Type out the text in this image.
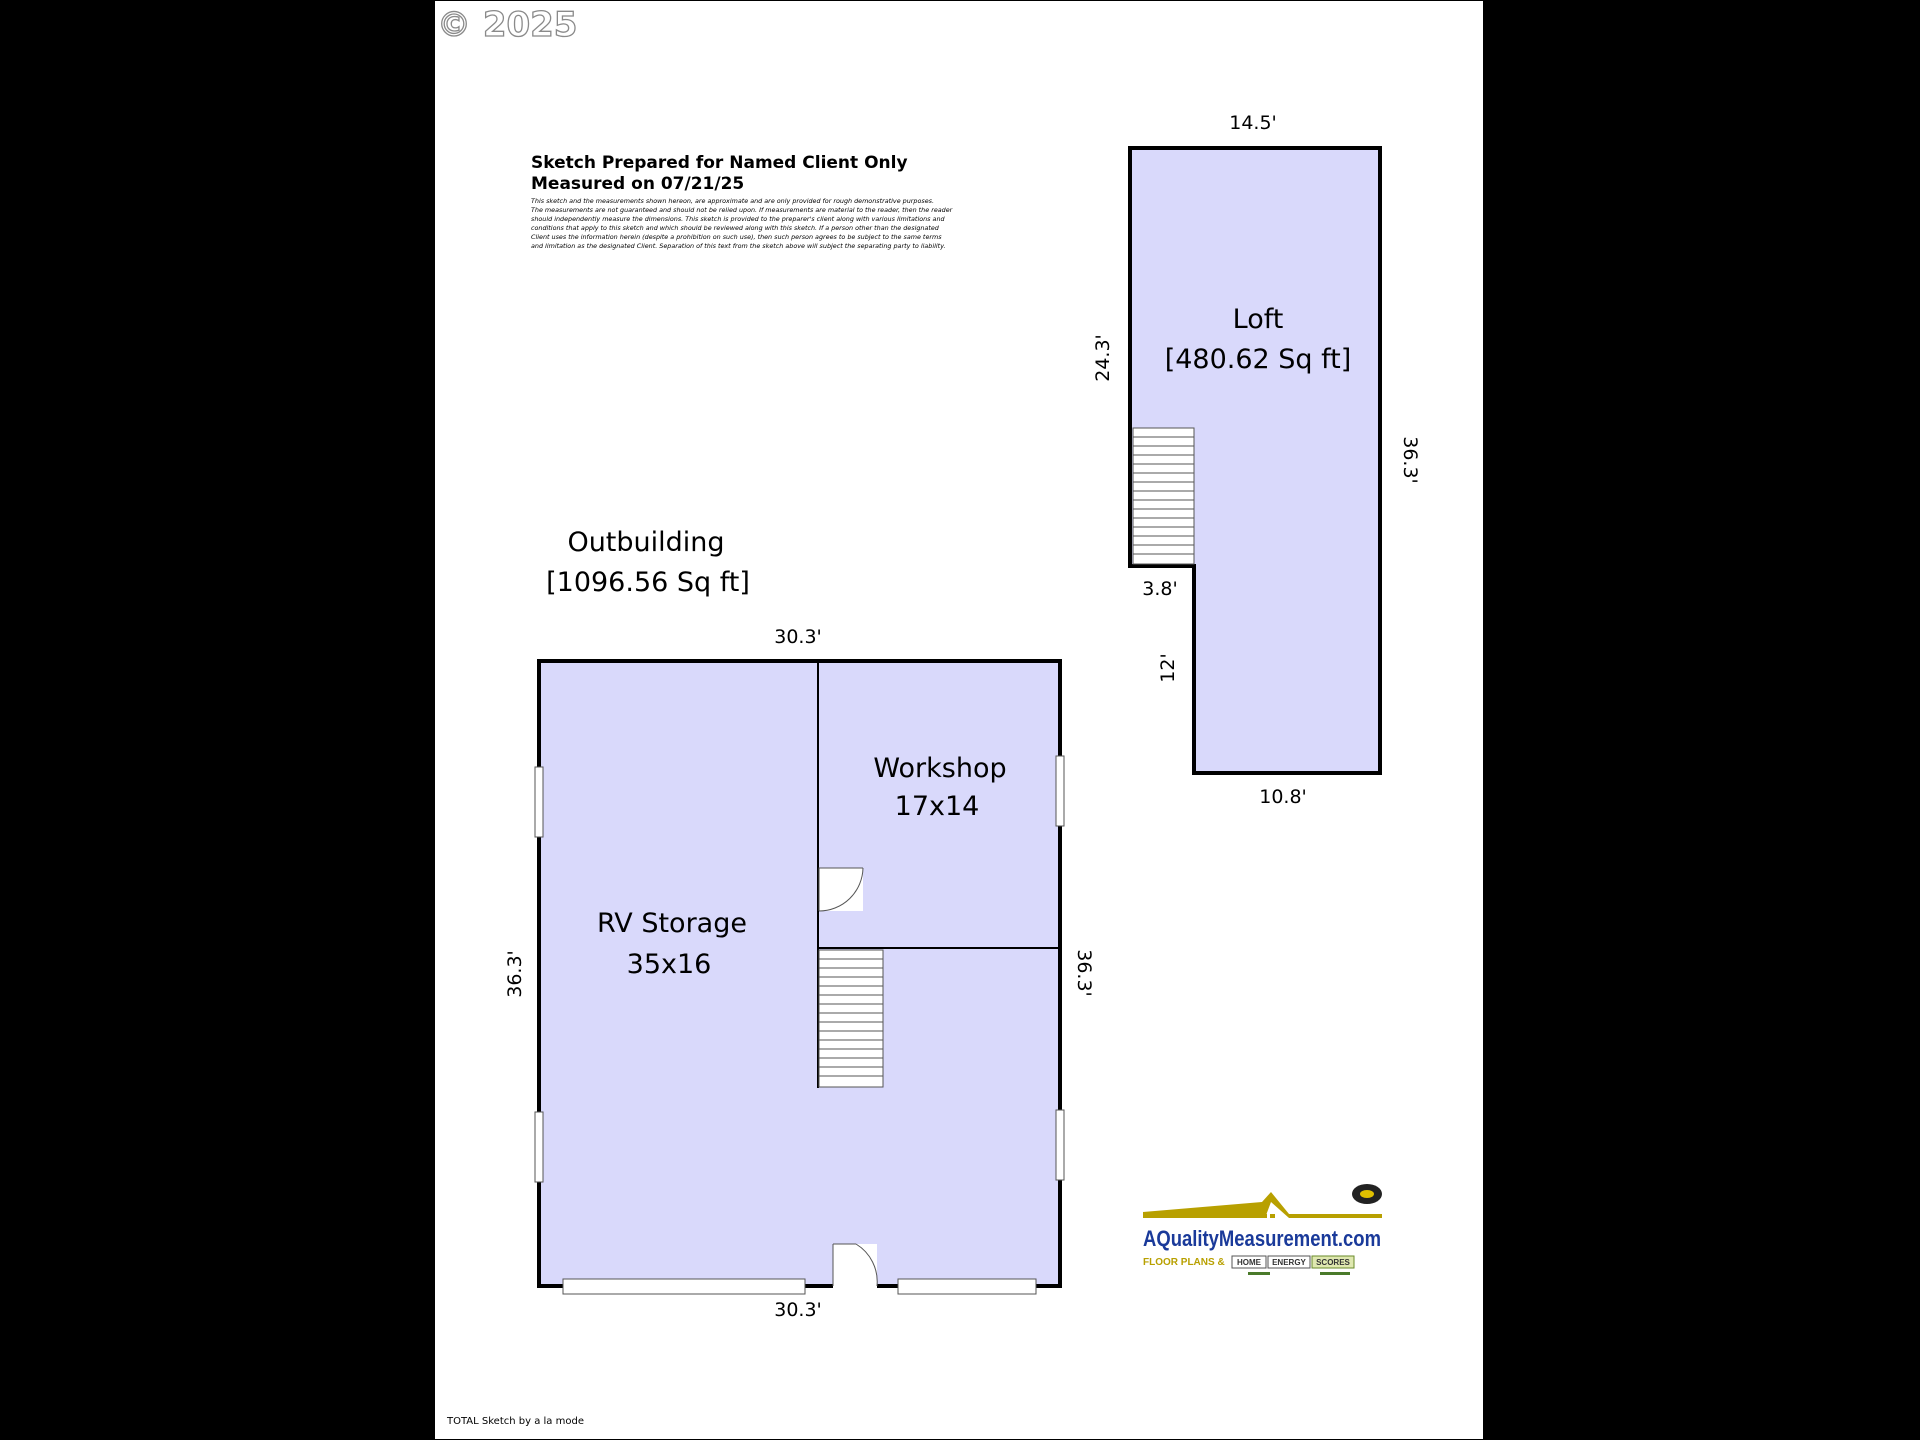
© 2025
Sketch Prepared for Named Client Only
Measured on 07/21/25
This sketch and the measurements shown hereon, are approximate and are only provided for rough demonstrative purposes.
The measurements are not guaranteed and should not be relied upon. If measurements are material to the reader, then the reader
should independently measure the dimensions. This sketch is provided to the preparer's client along with various limitations and
conditions that apply to this sketch and which should be reviewed along with this sketch. If a person other than the designated
Client uses the information herein (despite a prohibition on such use), then such person agrees to be subject to the same terms
and limitation as the designated Client. Separation of this text from the sketch above will subject the separating party to liability.
Loft
[480.62 Sq ft]
14.5'
36.3'
24.3'
3.8'
12'
10.8'
Outbuilding
[1096.56 Sq ft]
Workshop
17x14
RV Storage
35x16
30.3'
30.3'
36.3'	36.3'
AQualityMeasurement.com
FLOOR PLANS & HOME ENERGY SCORES
TOTAL Sketch by a la mode
